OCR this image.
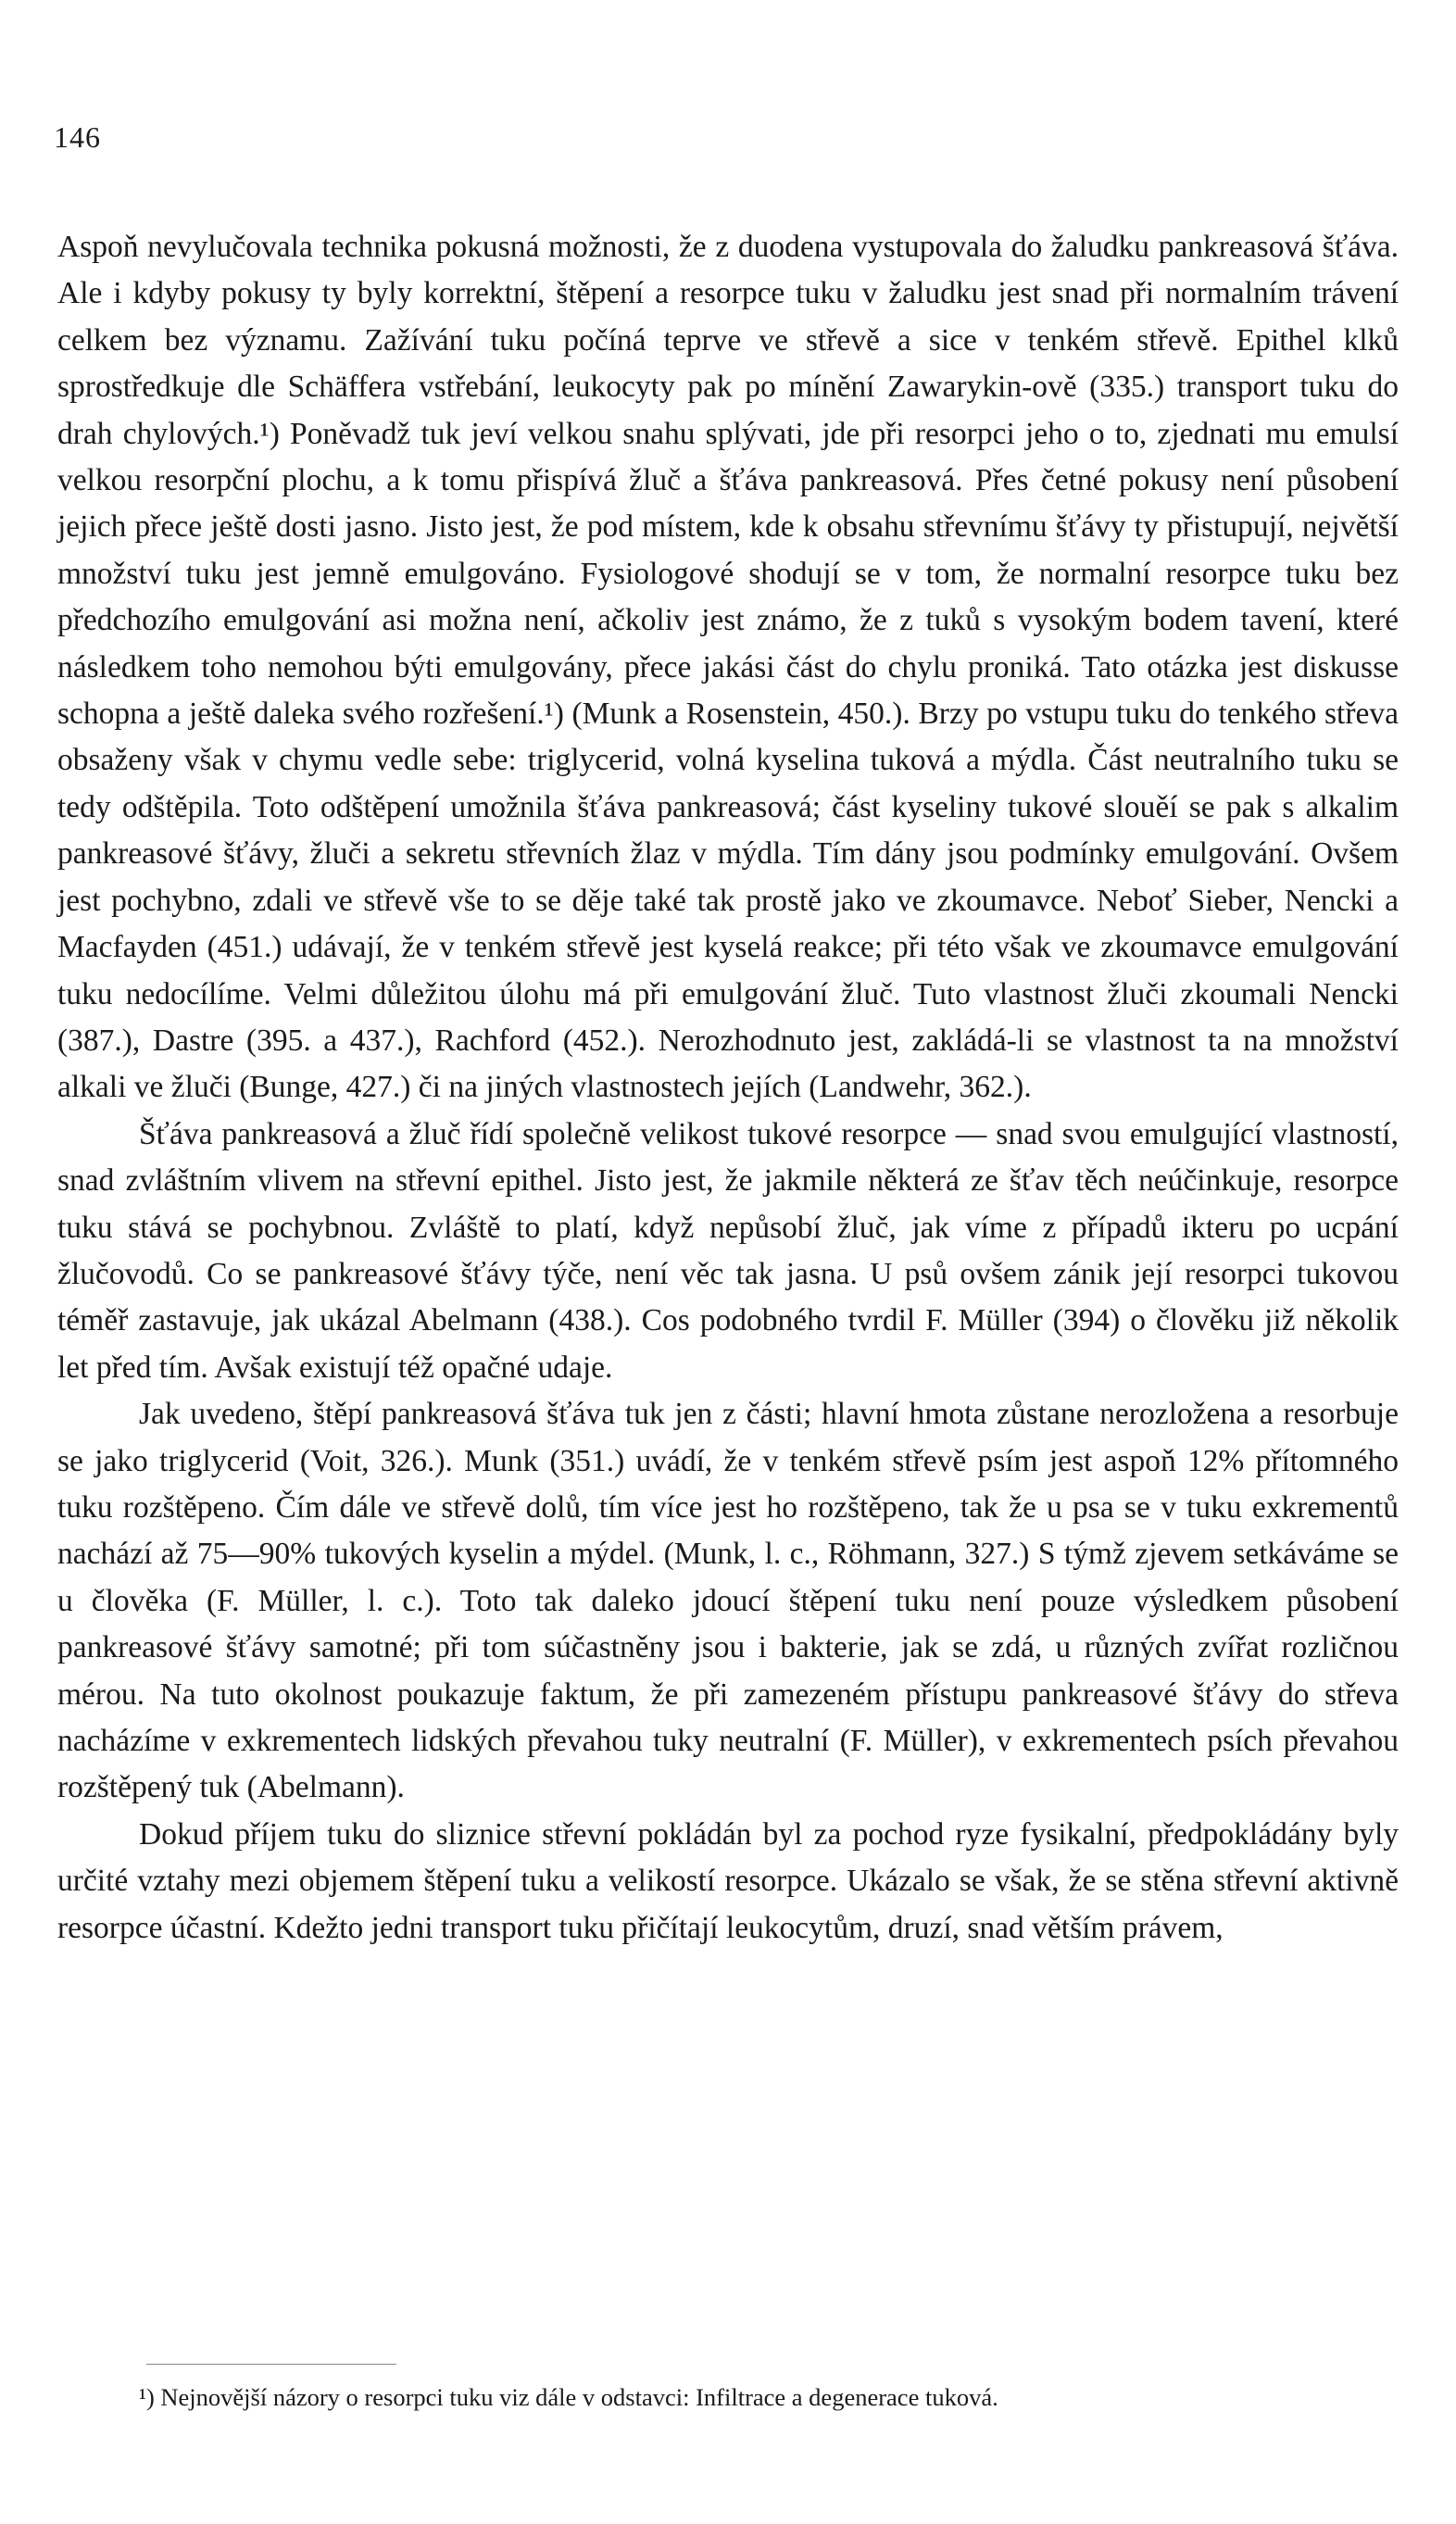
146

Aspoň nevylučovala technika pokusná možnosti, že z duodena vystupovala do žaludku pankreasová šťáva. Ale i kdyby pokusy ty byly korrektní, štěpení a resorpce tuku v žaludku jest snad při normalním trávení celkem bez významu. Zažívání tuku počíná teprve ve střevě a sice v tenkém střevě. Epithel klků sprostředkuje dle Schäffera vstřebání, leukocyty pak po mínění Zawarykin-ově (335.) transport tuku do drah chylových.¹) Poněvadž tuk jeví velkou snahu splývati, jde při resorpci jeho o to, zjednati mu emulsí velkou resorpční plochu, a k tomu přispívá žluč a šťáva pankreasová. Přes četné pokusy není působení jejich přece ještě dosti jasno. Jisto jest, že pod místem, kde k obsahu střevnímu šťávy ty přistupují, největší množství tuku jest jemně emulgováno. Fysiologové shodují se v tom, že normalní resorpce tuku bez předchozího emulgování asi možna není, ačkoliv jest známo, že z tuků s vysokým bodem tavení, které následkem toho nemohou býti emulgovány, přece jakási část do chylu proniká. Tato otázka jest diskusse schopna a ještě daleka svého rozřešení.¹) (Munk a Rosenstein, 450.). Brzy po vstupu tuku do tenkého střeva obsaženy však v chymu vedle sebe: triglycerid, volná kyselina tuková a mýdla. Část neutralního tuku se tedy odštěpila. Toto odštěpení umožnila šťáva pankreasová; část kyseliny tukové slouěí se pak s alkalim pankreasové šťávy, žluči a sekretu střevních žlaz v mýdla. Tím dány jsou podmínky emulgování. Ovšem jest pochybno, zdali ve střevě vše to se děje také tak prostě jako ve zkoumavce. Neboť Sieber, Nencki a Macfayden (451.) udávají, že v tenkém střevě jest kyselá reakce; při této však ve zkoumavce emulgování tuku nedocílíme. Velmi důležitou úlohu má při emulgování žluč. Tuto vlastnost žluči zkoumali Nencki (387.), Dastre (395. a 437.), Rachford (452.). Nerozhodnuto jest, zakládá-li se vlastnost ta na množství alkali ve žluči (Bunge, 427.) či na jiných vlastnostech jejích (Landwehr, 362.).

Šťáva pankreasová a žluč řídí společně velikost tukové resorpce — snad svou emulgující vlastností, snad zvláštním vlivem na střevní epithel. Jisto jest, že jakmile některá ze šťav těch neúčinkuje, resorpce tuku stává se pochybnou. Zvláště to platí, když nepůsobí žluč, jak víme z případů ikteru po ucpání žlučovodů. Co se pankreasové šťávy týče, není věc tak jasna. U psů ovšem zánik její resorpci tukovou téměř zastavuje, jak ukázal Abelmann (438.). Cos podobného tvrdil F. Müller (394) o člověku již několik let před tím. Avšak existují též opačné udaje.

Jak uvedeno, štěpí pankreasová šťáva tuk jen z části; hlavní hmota zůstane nerozložena a resorbuje se jako triglycerid (Voit, 326.). Munk (351.) uvádí, že v tenkém střevě psím jest aspoň 12% přítomného tuku rozštěpeno. Čím dále ve střevě dolů, tím více jest ho rozštěpeno, tak že u psa se v tuku exkrementů nachází až 75—90% tukových kyselin a mýdel. (Munk, l. c., Röhmann, 327.) S týmž zjevem setkáváme se u člověka (F. Müller, l. c.). Toto tak daleko jdoucí štěpení tuku není pouze výsledkem působení pankreasové šťávy samotné; při tom súčastněny jsou i bakterie, jak se zdá, u různých zvířat rozličnou mérou. Na tuto okolnost poukazuje faktum, že při zamezeném přístupu pankreasové šťávy do střeva nacházíme v exkrementech lidských převahou tuky neutralní (F. Müller), v exkrementech psích převahou rozštěpený tuk (Abelmann).

Dokud příjem tuku do sliznice střevní pokládán byl za pochod ryze fysikalní, předpokládány byly určité vztahy mezi objemem štěpení tuku a velikostí resorpce. Ukázalo se však, že se stěna střevní aktivně resorpce účastní. Kdežto jedni transport tuku přičítají leukocytům, druzí, snad větším právem,

¹) Nejnovější názory o resorpci tuku viz dále v odstavci: Infiltrace a degenerace tuková.
